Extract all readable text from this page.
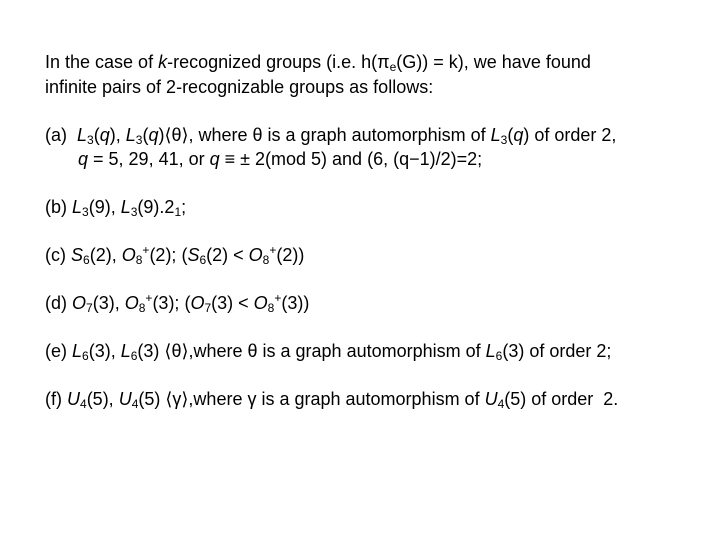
In the case of k-recognized groups (i.e. $h(\pi_e(G)) = k$), we have found
infinite pairs of 2-recognizable groups as follows:
(a)  $L_3(q)$, $L_3(q)⟨\theta⟩$, where θ is a graph automorphism of $L_3(q)$ of order 2,
q = 5, 29, 41, or q ≡ ± 2(mod 5) and (6, (q−1)/2)=2;
(b) $L_3(9)$, $L_3(9).2_1$;
(c) $S_6(2)$, $O_8^+(2)$; $(S_6(2) < O_8^+(2))$
(d) $O_7(3)$, $O_8^+(3)$; $(O_7(3) < O_8^+(3))$
(e) $L_6(3)$, $L_6(3)$ ⟨θ⟩,where θ is a graph automorphism of $L_6(3)$ of order 2;
(f) $U_4(5)$, $U_4(5)$ ⟨γ⟩,where γ is a graph automorphism of $U_4(5)$ of order  2.
